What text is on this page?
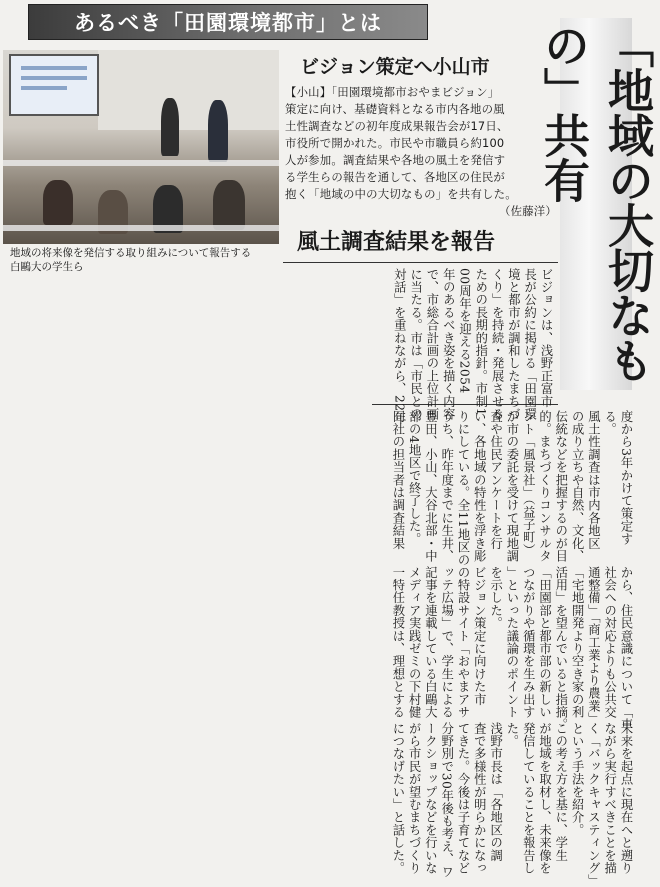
あるべき「田園環境都市」とは
地域の将来像を発信する取り組みについて報告する
白鷗大の学生ら
ビジョン策定へ小山市
【小山】「田園環境都市おやまビジョン」
策定に向け、基礎資料となる市内各地の風
土性調査などの初年度成果報告会が17日、
市役所で開かれた。市民や市職員ら約100
人が参加。調査結果や各地の風土を発信す
る学生らの報告を通して、各地区の住民が
抱く「地域の中の大切なもの」を共有した。
（佐藤洋）
風土調査結果を報告	「地域の大切なもの」共有
ビジョンは、浅野正富市
長が公約に掲げる「田園環
境と都市が調和したまちづ
くり」を持続・発展させる
ための長期的指針。市制1
00周年を迎える2054
年のあるべき姿を描く内容
で、市総合計画の上位計画
に当たる。市は「市民との
対話」を重ねながら、22年
度から3年かけて策定す
る。
風土性調査は市内各地区
の成り立ちや自然、文化、
伝統などを把握するのが目
的。まちづくりコンサルタ
ント「風景社」（益子町）
が市の委託を受けて現地調
査や住民アンケートを行
い、各地域の特性を浮き彫
りにしている。全11地区の
うち、昨年度までに生井、
豊田、小山、大谷北部・中
部の4地区で終了した。
同社の担当者は調査結果
から、住民意識について「車
社会への対応よりも公共交
通整備」「商工業より農業」
「宅地開発より空き家の利
活用」を望んでいると指摘。
「田園部と都市部の新しい
つながりや循環を生み出す
」といった議論のポイント
を示した。
ビジョン策定に向けた市
の特設サイト「おやまアサ
ッテ広場」で、学生による
記事を連載している白鷗大
メディア実践ゼミの下村健
一特任教授は、理想とする
未来を起点に現在へと遡り
ながら実行すべきことを描
く「バックキャスティング」
という手法を紹介。
この考え方を基に、学生
が地域を取材し、未来像を
発信していることを報告し
た。
浅野市長は「各地区の調
査で多様性が明らかになっ
てきた。今後は子育てなど
分野別で30年後も考え、ワ
ークショップなどを行いな
がら市民が望むまちづくり
につなげたい」と話した。
